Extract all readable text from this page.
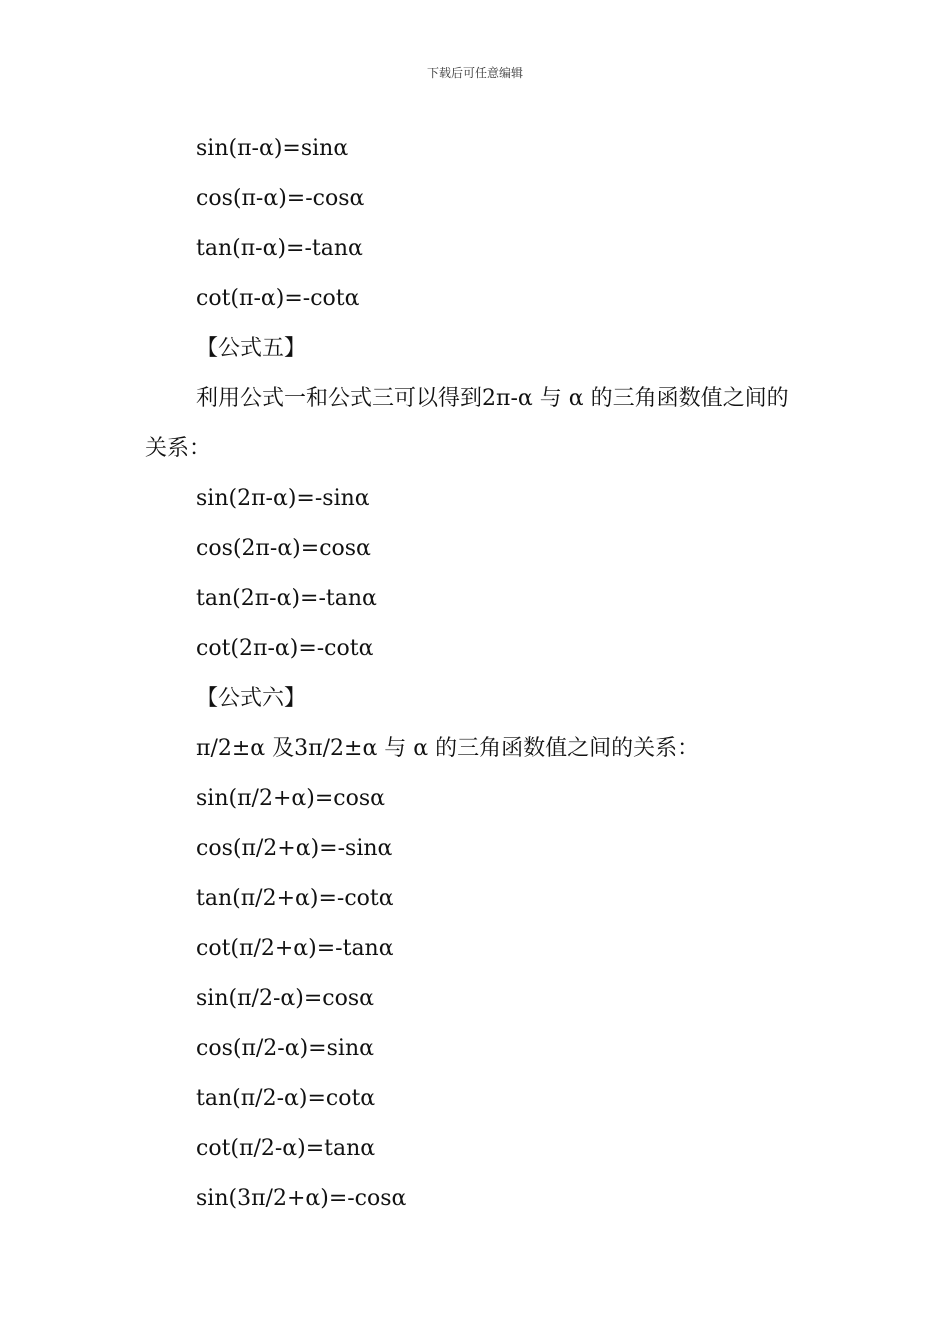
下载后可任意编辑
sin(π-α)=sinα
cos(π-α)=-cosα
tan(π-α)=-tanα
cot(π-α)=-cotα
【公式五】
利用公式一和公式三可以得到2π-α 与 α 的三角函数值之间的关系：
sin(2π-α)=-sinα
cos(2π-α)=cosα
tan(2π-α)=-tanα
cot(2π-α)=-cotα
【公式六】
π/2±α 及3π/2±α 与 α 的三角函数值之间的关系：
sin(π/2+α)=cosα
cos(π/2+α)=-sinα
tan(π/2+α)=-cotα
cot(π/2+α)=-tanα
sin(π/2-α)=cosα
cos(π/2-α)=sinα
tan(π/2-α)=cotα
cot(π/2-α)=tanα
sin(3π/2+α)=-cosα
